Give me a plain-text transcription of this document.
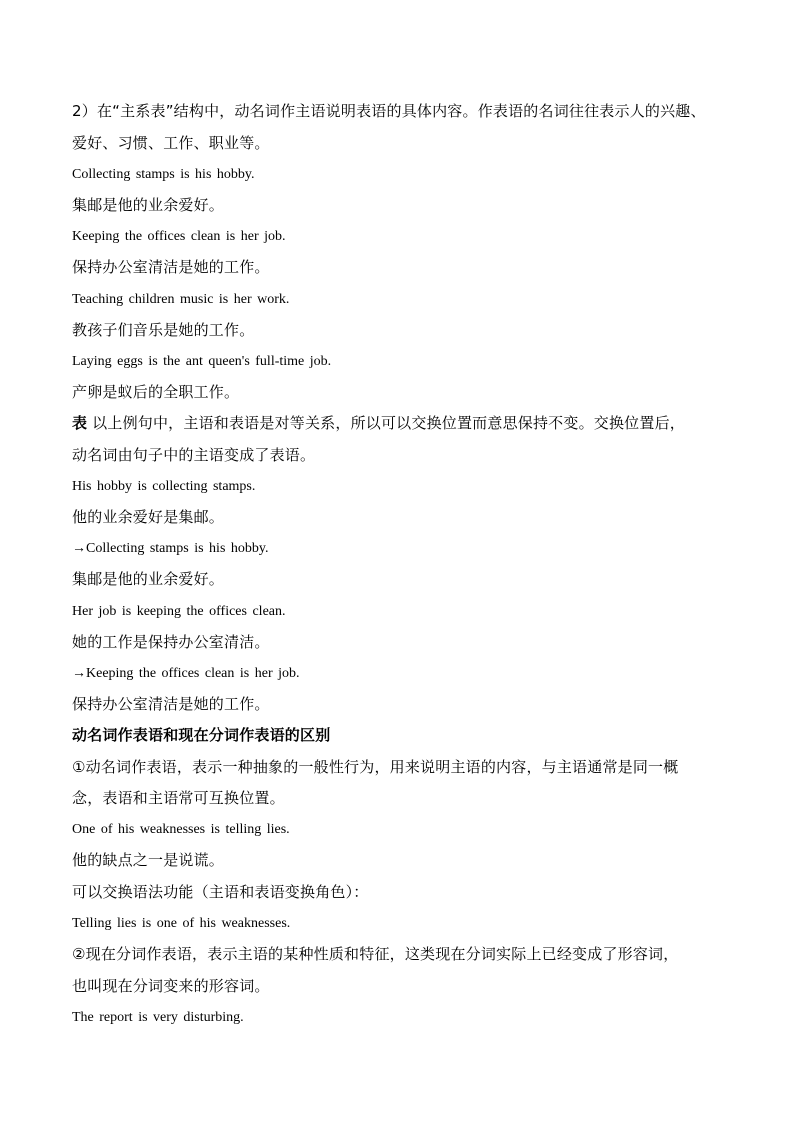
2）在“主系表”结构中，动名词作主语说明表语的具体内容。作表语的名词往往表示人的兴趣、
爱好、习惯、工作、职业等。
Collecting stamps is his hobby.
集邮是他的业余爱好。
Keeping the offices clean is her job.
保持办公室清洁是她的工作。
Teaching children music is her work.
教孩子们音乐是她的工作。
Laying eggs is the ant queen's full-time job.
产卵是蚁后的全职工作。
表 以上例句中，主语和表语是对等关系，所以可以交换位置而意思保持不变。交换位置后，
动名词由句子中的主语变成了表语。
His hobby is collecting stamps.
他的业余爱好是集邮。
→Collecting stamps is his hobby.
集邮是他的业余爱好。
Her job is keeping the offices clean.
她的工作是保持办公室清洁。
→Keeping the offices clean is her job.
保持办公室清洁是她的工作。
动名词作表语和现在分词作表语的区别
①动名词作表语，表示一种抽象的一般性行为，用来说明主语的内容，与主语通常是同一概
念，表语和主语常可互换位置。
One of his weaknesses is telling lies.
他的缺点之一是说谎。
可以交换语法功能（主语和表语变换角色）：
Telling lies is one of his weaknesses.
②现在分词作表语，表示主语的某种性质和特征，这类现在分词实际上已经变成了形容词，
也叫现在分词变来的形容词。
The report is very disturbing.
